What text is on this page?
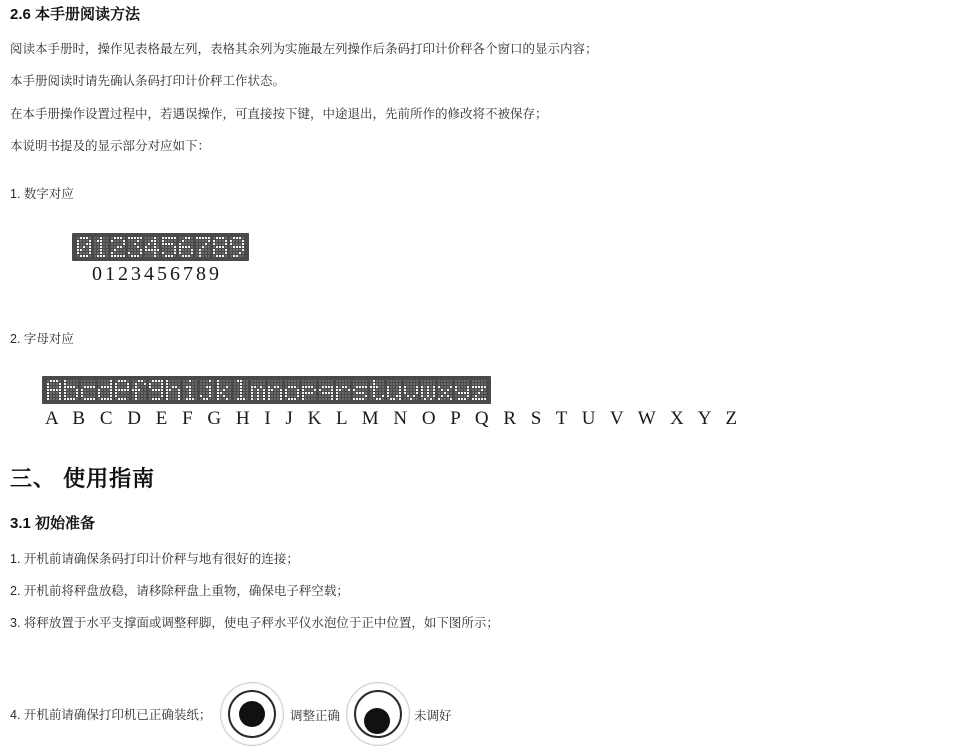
2.6 本手册阅读方法
阅读本手册时，操作见表格最左列，表格其余列为实施最左列操作后条码打印计价秤各个窗口的显示内容；
本手册阅读时请先确认条码打印计价秤工作状态。
在本手册操作设置过程中，若遇误操作，可直接按下键，中途退出，先前所作的修改将不被保存；
本说明书提及的显示部分对应如下：
1. 数字对应
0123456789
2. 字母对应
A B C D E F G H I J K L M N O P Q R S T U V W X Y Z
三、 使用指南
3.1 初始准备
1. 开机前请确保条码打印计价秤与地有很好的连接；
2. 开机前将秤盘放稳，请移除秤盘上重物，确保电子秤空载；
3. 将秤放置于水平支撑面或调整秤脚，使电子秤水平仪水泡位于正中位置，如下图所示；
4. 开机前请确保打印机已正确装纸；	调整正确	未调好
